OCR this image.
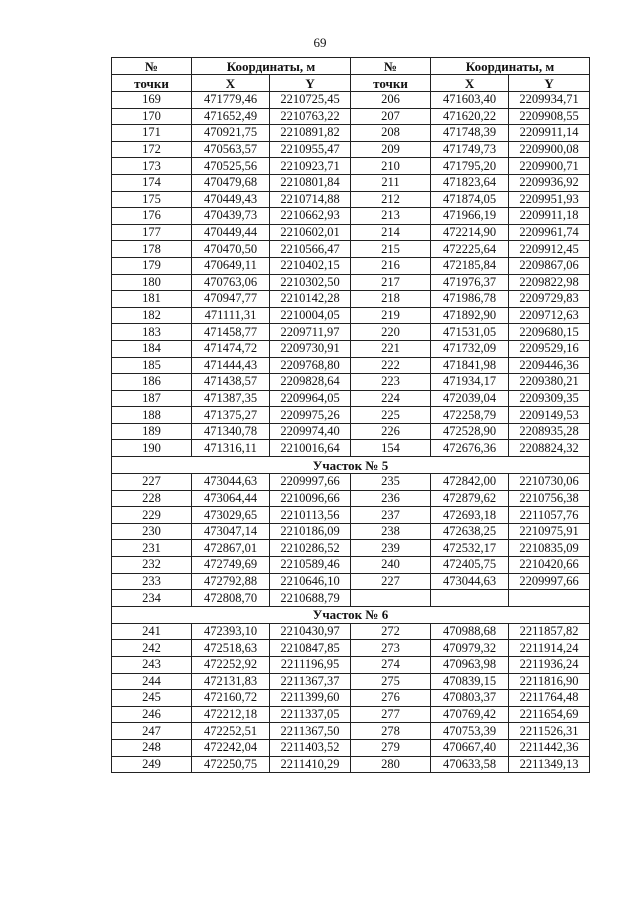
69
№	Координаты, м		№	Координаты, м	
точки	X	Y	точки	X	Y
169	471779,46	2210725,45	206	471603,40	2209934,71
170	471652,49	2210763,22	207	471620,22	2209908,55
171	470921,75	2210891,82	208	471748,39	2209911,14
172	470563,57	2210955,47	209	471749,73	2209900,08
173	470525,56	2210923,71	210	471795,20	2209900,71
174	470479,68	2210801,84	211	471823,64	2209936,92
175	470449,43	2210714,88	212	471874,05	2209951,93
176	470439,73	2210662,93	213	471966,19	2209911,18
177	470449,44	2210602,01	214	472214,90	2209961,74
178	470470,50	2210566,47	215	472225,64	2209912,45
179	470649,11	2210402,15	216	472185,84	2209867,06
180	470763,06	2210302,50	217	471976,37	2209822,98
181	470947,77	2210142,28	218	471986,78	2209729,83
182	471111,31	2210004,05	219	471892,90	2209712,63
183	471458,77	2209711,97	220	471531,05	2209680,15
184	471474,72	2209730,91	221	471732,09	2209529,16
185	471444,43	2209768,80	222	471841,98	2209446,36
186	471438,57	2209828,64	223	471934,17	2209380,21
187	471387,35	2209964,05	224	472039,04	2209309,35
188	471375,27	2209975,26	225	472258,79	2209149,53
189	471340,78	2209974,40	226	472528,90	2208935,28
190	471316,11	2210016,64	154	472676,36	2208824,32
Участок № 5					
227	473044,63	2209997,66	235	472842,00	2210730,06
228	473064,44	2210096,66	236	472879,62	2210756,38
229	473029,65	2210113,56	237	472693,18	2211057,76
230	473047,14	2210186,09	238	472638,25	2210975,91
231	472867,01	2210286,52	239	472532,17	2210835,09
232	472749,69	2210589,46	240	472405,75	2210420,66
233	472792,88	2210646,10	227	473044,63	2209997,66
234	472808,70	2210688,79			
Участок № 6					
241	472393,10	2210430,97	272	470988,68	2211857,82
242	472518,63	2210847,85	273	470979,32	2211914,24
243	472252,92	2211196,95	274	470963,98	2211936,24
244	472131,83	2211367,37	275	470839,15	2211816,90
245	472160,72	2211399,60	276	470803,37	2211764,48
246	472212,18	2211337,05	277	470769,42	2211654,69
247	472252,51	2211367,50	278	470753,39	2211526,31
248	472242,04	2211403,52	279	470667,40	2211442,36
249	472250,75	2211410,29	280	470633,58	2211349,13
